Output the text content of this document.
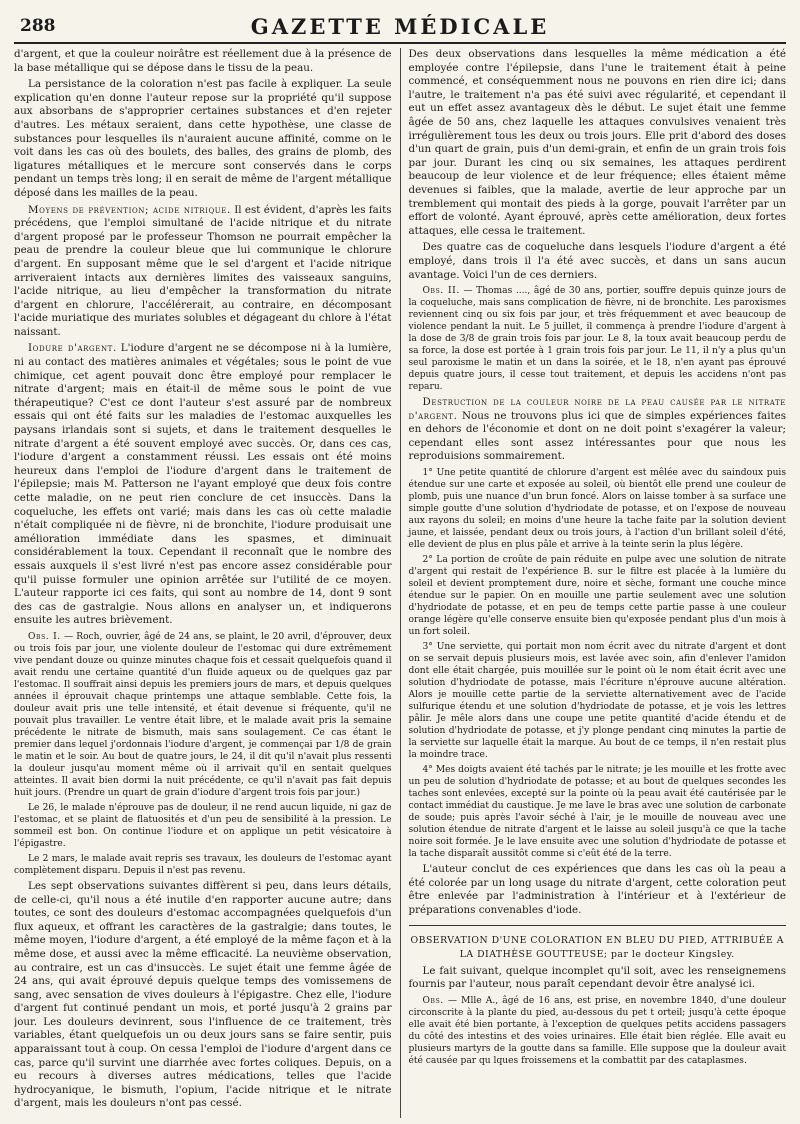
288	GAZETTE MÉDICALE

d'argent, et que la couleur noirâtre est réellement due à la présence de la base métallique qui se dépose dans le tissu de la peau.

La persistance de la coloration n'est pas facile à expliquer. La seule explication qu'en donne l'auteur repose sur la propriété qu'il suppose aux absorbans de s'approprier certaines substances et d'en rejeter d'autres. Les métaux seraient, dans cette hypothèse, une classe de substances pour lesquelles ils n'auraient aucune affinité, comme on le voit dans les cas où des boulets, des balles, des grains de plomb, des ligatures métalliques et le mercure sont conservés dans le corps pendant un temps très long; il en serait de même de l'argent métallique déposé dans les mailles de la peau.

Moyens de prévention; acide nitrique. Il est évident, d'après les faits précédens, que l'emploi simultané de l'acide nitrique et du nitrate d'argent proposé par le professeur Thomson ne pourrait empêcher la peau de prendre la couleur bleue que lui communique le chlorure d'argent. En supposant même que le sel d'argent et l'acide nitrique arriveraient intacts aux dernières limites des vaisseaux sanguins, l'acide nitrique, au lieu d'empêcher la transformation du nitrate d'argent en chlorure, l'accélérerait, au contraire, en décomposant l'acide muriatique des muriates solubles et dégageant du chlore à l'état naissant.

Iodure d'argent. L'iodure d'argent ne se décompose ni à la lumière, ni au contact des matières animales et végétales; sous le point de vue chimique, cet agent pouvait donc être employé pour remplacer le nitrate d'argent; mais en était-il de même sous le point de vue thérapeutique? C'est ce dont l'auteur s'est assuré par de nombreux essais qui ont été faits sur les maladies de l'estomac auxquelles les paysans irlandais sont si sujets, et dans le traitement desquelles le nitrate d'argent a été souvent employé avec succès. Or, dans ces cas, l'iodure d'argent a constamment réussi. Les essais ont été moins heureux dans l'emploi de l'iodure d'argent dans le traitement de l'épilepsie; mais M. Patterson ne l'ayant employé que deux fois contre cette maladie, on ne peut rien conclure de cet insuccès. Dans la coqueluche, les effets ont varié; mais dans les cas où cette maladie n'était compliquée ni de fièvre, ni de bronchite, l'iodure produisait une amélioration immédiate dans les spasmes, et diminuait considérablement la toux. Cependant il reconnaît que le nombre des essais auxquels il s'est livré n'est pas encore assez considérable pour qu'il puisse formuler une opinion arrêtée sur l'utilité de ce moyen. L'auteur rapporte ici ces faits, qui sont au nombre de 14, dont 9 sont des cas de gastralgie. Nous allons en analyser un, et indiquerons ensuite les autres brièvement.

Obs. I. — Roch, ouvrier, âgé de 24 ans, se plaint, le 20 avril, d'éprouver, deux ou trois fois par jour, une violente douleur de l'estomac qui dure extrêmement vive pendant douze ou quinze minutes chaque fois et cessait quelquefois quand il avait rendu une certaine quantité d'un fluide aqueux ou de quelques gaz par l'estomac. Il souffrait ainsi depuis les premiers jours de mars, et depuis quelques années il éprouvait chaque printemps une attaque semblable. Cette fois, la douleur avait pris une telle intensité, et était devenue si fréquente, qu'il ne pouvait plus travailler. Le ventre était libre, et le malade avait pris la semaine précédente le nitrate de bismuth, mais sans soulagement. Ce cas étant le premier dans lequel j'ordonnais l'iodure d'argent, je commençai par 1/8 de grain le matin et le soir. Au bout de quatre jours, le 24, il dit qu'il n'avait plus ressenti la douleur jusqu'au moment même où il arrivait qu'il en sentait quelques atteintes. Il avait bien dormi la nuit précédente, ce qu'il n'avait pas fait depuis huit jours. (Prendre un quart de grain d'iodure d'argent trois fois par jour.)

Le 26, le malade n'éprouve pas de douleur, il ne rend aucun liquide, ni gaz de l'estomac, et se plaint de flatuosités et d'un peu de sensibilité à la pression. Le sommeil est bon. On continue l'iodure et on applique un petit vésicatoire à l'épigastre.

Le 2 mars, le malade avait repris ses travaux, les douleurs de l'estomac ayant complètement disparu. Depuis il n'est pas revenu.

Les sept observations suivantes diffèrent si peu, dans leurs détails, de celle-ci, qu'il nous a été inutile d'en rapporter aucune autre; dans toutes, ce sont des douleurs d'estomac accompagnées quelquefois d'un flux aqueux, et offrant les caractères de la gastralgie; dans toutes, le même moyen, l'iodure d'argent, a été employé de la même façon et à la même dose, et aussi avec la même efficacité. La neuvième observation, au contraire, est un cas d'insuccès. Le sujet était une femme âgée de 24 ans, qui avait éprouvé depuis quelque temps des vomissemens de sang, avec sensation de vives douleurs à l'épigastre. Chez elle, l'iodure d'argent fut continué pendant un mois, et porté jusqu'à 2 grains par jour. Les douleurs devinrent, sous l'influence de ce traitement, très variables, étant quelquefois un ou deux jours sans se faire sentir, puis apparaissant tout à coup. On cessa l'emploi de l'iodure d'argent dans ce cas, parce qu'il survint une diarrhée avec fortes coliques. Depuis, on a eu recours à diverses autres médications, telles que l'acide hydrocyanique, le bismuth, l'opium, l'acide nitrique et le nitrate d'argent, mais les douleurs n'ont pas cessé.

Des deux observations dans lesquelles la même médication a été employée contre l'épilepsie, dans l'une le traitement était à peine commencé, et conséquemment nous ne pouvons en rien dire ici; dans l'autre, le traitement n'a pas été suivi avec régularité, et cependant il eut un effet assez avantageux dès le début. Le sujet était une femme âgée de 50 ans, chez laquelle les attaques convulsives venaient très irrégulièrement tous les deux ou trois jours. Elle prit d'abord des doses d'un quart de grain, puis d'un demi-grain, et enfin de un grain trois fois par jour. Durant les cinq ou six semaines, les attaques perdirent beaucoup de leur violence et de leur fréquence; elles étaient même devenues si faibles, que la malade, avertie de leur approche par un tremblement qui montait des pieds à la gorge, pouvait l'arrêter par un effort de volonté. Ayant éprouvé, après cette amélioration, deux fortes attaques, elle cessa le traitement.

Des quatre cas de coqueluche dans lesquels l'iodure d'argent a été employé, dans trois il l'a été avec succès, et dans un sans aucun avantage. Voici l'un de ces derniers.

Obs. II. — Thomas ...., âgé de 30 ans, portier, souffre depuis quinze jours de la coqueluche, mais sans complication de fièvre, ni de bronchite. Les paroxismes reviennent cinq ou six fois par jour, et très fréquemment et avec beaucoup de violence pendant la nuit. Le 5 juillet, il commença à prendre l'iodure d'argent à la dose de 3/8 de grain trois fois par jour. Le 8, la toux avait beaucoup perdu de sa force, la dose est portée à 1 grain trois fois par jour. Le 11, il n'y a plus qu'un seul paroxisme le matin et un dans la soirée, et le 18, n'en ayant pas éprouvé depuis quatre jours, il cesse tout traitement, et depuis les accidens n'ont pas reparu.

Destruction de la couleur noire de la peau causée par le nitrate d'argent. Nous ne trouvons plus ici que de simples expériences faites en dehors de l'économie et dont on ne doit point s'exagérer la valeur; cependant elles sont assez intéressantes pour que nous les reproduisions sommairement.

1° Une petite quantité de chlorure d'argent est mêlée avec du saindoux puis étendue sur une carte et exposée au soleil, où bientôt elle prend une couleur de plomb, puis une nuance d'un brun foncé. Alors on laisse tomber à sa surface une simple goutte d'une solution d'hydriodate de potasse, et on l'expose de nouveau aux rayons du soleil; en moins d'une heure la tache faite par la solution devient jaune, et laissée, pendant deux ou trois jours, à l'action d'un brillant soleil d'été, elle devient de plus en plus pâle et arrive à la teinte serin la plus légère.

2° La portion de croûte de pain réduite en pulpe avec une solution de nitrate d'argent qui restait de l'expérience B. sur le filtre est placée à la lumière du soleil et devient promptement dure, noire et sèche, formant une couche mince étendue sur le papier. On en mouille une partie seulement avec une solution d'hydriodate de potasse, et en peu de temps cette partie passe à une couleur orange légère qu'elle conserve ensuite bien qu'exposée pendant plus d'un mois à un fort soleil.

3° Une serviette, qui portait mon nom écrit avec du nitrate d'argent et dont on se servait depuis plusieurs mois, est lavée avec soin, afin d'enlever l'amidon dont elle était chargée, puis mouillée sur le point où le nom était écrit avec une solution d'hydriodate de potasse, mais l'écriture n'éprouve aucune altération. Alors je mouille cette partie de la serviette alternativement avec de l'acide sulfurique étendu et une solution d'hydriodate de potasse, et je vois les lettres pâlir. Je mêle alors dans une coupe une petite quantité d'acide étendu et de solution d'hydriodate de potasse, et j'y plonge pendant cinq minutes la partie de la serviette sur laquelle était la marque. Au bout de ce temps, il n'en restait plus la moindre trace.

4° Mes doigts avaient été tachés par le nitrate; je les mouille et les frotte avec un peu de solution d'hydriodate de potasse; et au bout de quelques secondes les taches sont enlevées, excepté sur la pointe où la peau avait été cautérisée par le contact immédiat du caustique. Je me lave le bras avec une solution de carbonate de soude; puis après l'avoir séché à l'air, je le mouille de nouveau avec une solution étendue de nitrate d'argent et le laisse au soleil jusqu'à ce que la tache noire soit formée. Je le lave ensuite avec une solution d'hydriodate de potasse et la tache disparaît aussitôt comme si c'eût été de la terre.

L'auteur conclut de ces expériences que dans les cas où la peau a été colorée par un long usage du nitrate d'argent, cette coloration peut être enlevée par l'administration à l'intérieur et à l'extérieur de préparations convenables d'iode.

OBSERVATION D'UNE COLORATION EN BLEU DU PIED, ATTRIBUÉE A LA DIATHÈSE GOUTTEUSE; par le docteur Kingsley.

Le fait suivant, quelque incomplet qu'il soit, avec les renseignemens fournis par l'auteur, nous paraît cependant devoir être analysé ici.

Obs. — Mlle A., âgé de 16 ans, est prise, en novembre 1840, d'une douleur circonscrite à la plante du pied, au-dessous du pet t orteil; jusqu'à cette époque elle avait été bien portante, à l'exception de quelques petits accidens passagers du côté des intestins et des voies urinaires. Elle était bien réglée. Elle avait eu plusieurs martyrs de la goutte dans sa famille. Elle suppose que la douleur avait été causée par qu lques froissemens et la combattit par des cataplasmes.
